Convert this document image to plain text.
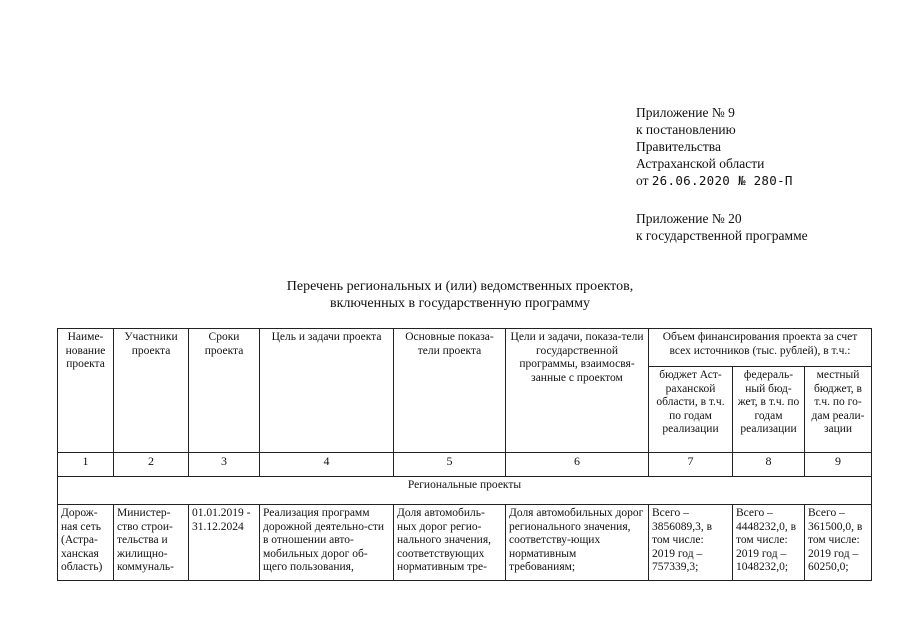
Приложение № 9
к постановлению
Правительства
Астраханской области
от 26.06.2020 № 280-П
Приложение № 20
к государственной программе
Перечень региональных и (или) ведомственных проектов,
включенных в государственную программу
Наиме-нование проекта	Участники проекта	Сроки проекта	Цель и задачи проекта	Основные показа-тели проекта	Цели и задачи, показа-тели государственной программы, взаимосвя-занные с проектом	Объем финансирования проекта за счет всех источников (тыс. рублей), в т.ч.:		
						бюджет Аст-раханской области, в т.ч. по годам реализации	федераль-ный бюд-жет, в т.ч. по годам реализации	местный бюджет, в т.ч. по го-дам реали-зации
1	2	3	4	5	6	7	8	9
Региональные проекты								
Дорож-ная сеть (Астра-ханская область)	Министер-ство строи-тельства и жилищно-коммуналь-	01.01.2019 - 31.12.2024	Реализация программ дорожной деятельно-сти в отношении авто-мобильных дорог об-щего пользования,	Доля автомобиль-ных дорог регио-нального значения, соответствующих нормативным тре-	Доля автомобильных дорог регионального значения, соответству-ющих нормативным требованиям;	Всего – 3856089,3, в том числе: 2019 год – 757339,3;	Всего – 4448232,0, в том числе: 2019 год – 1048232,0;	Всего – 361500,0, в том числе: 2019 год – 60250,0;
